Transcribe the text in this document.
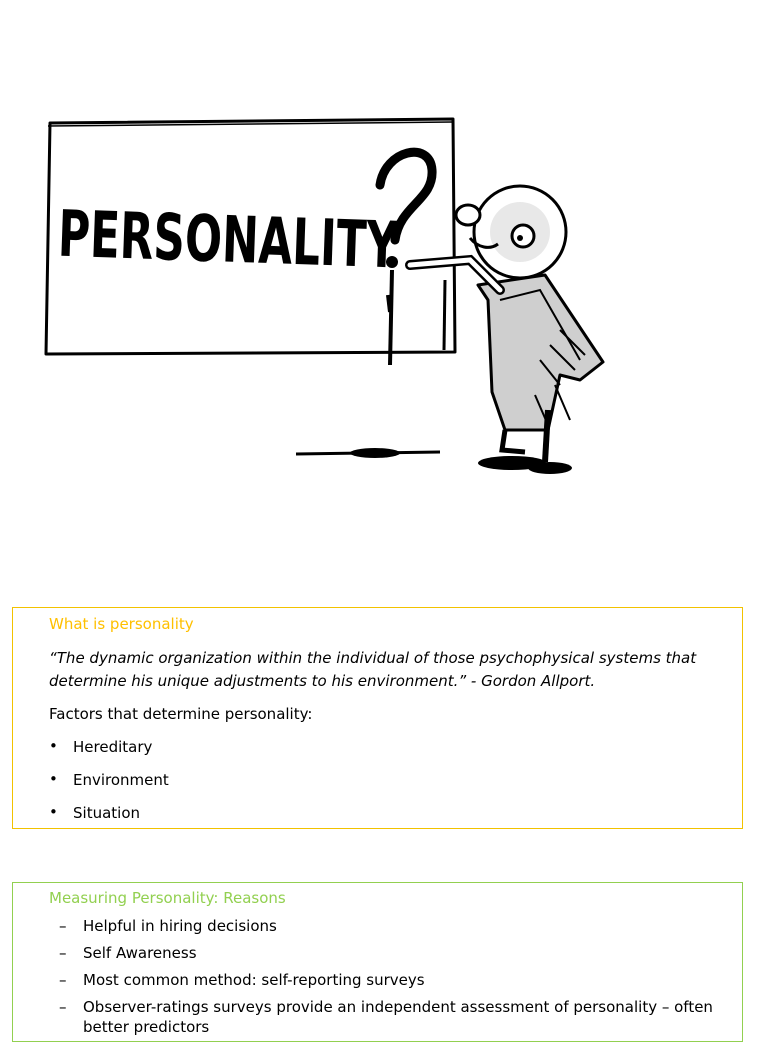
PERSONALITY
What is personality
“The dynamic organization within the individual of those psychophysical systems that determine his unique adjustments to his environment.” - Gordon Allport.
Factors that determine personality:
• Hereditary
• Environment
• Situation
Measuring Personality: Reasons
– Helpful in hiring decisions
– Self Awareness
– Most common method: self-reporting surveys
– Observer-ratings surveys provide an independent assessment of personality – often better predictors
